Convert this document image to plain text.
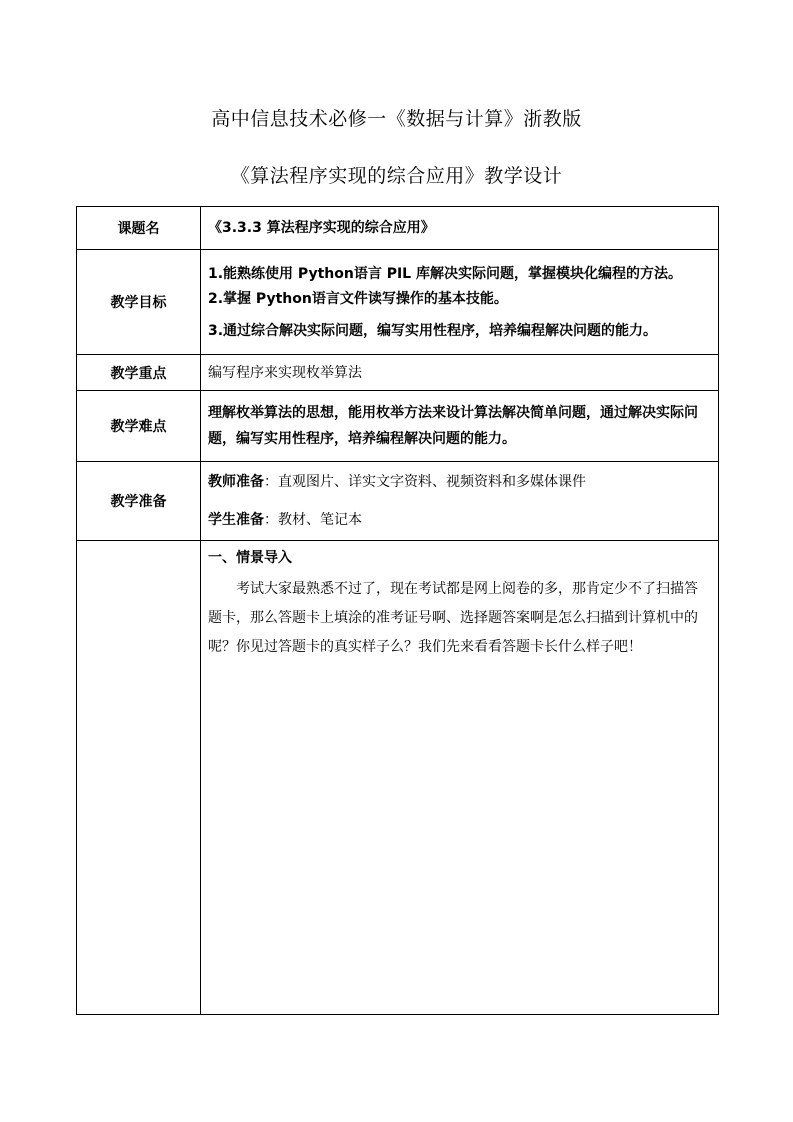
高中信息技术必修一《数据与计算》浙教版
《算法程序实现的综合应用》教学设计
课题名	《3.3.3 算法程序实现的综合应用》
教学目标	1.能熟练使用 Python语言 PIL 库解决实际问题，掌握模块化编程的方法。
2.掌握 Python语言文件读写操作的基本技能。
3.通过综合解决实际问题，编写实用性程序，培养编程解决问题的能力。

教学重点	编写程序来实现枚举算法
教学难点	理解枚举算法的思想，能用枚举方法来设计算法解决简单问题，通过解决实际问题，编写实用性程序，培养编程解决问题的能力。
教学准备	教师准备：直观图片、详实文字资料、视频资料和多媒体课件
学生准备：教材、笔记本

	一、情景导入
考试大家最熟悉不过了，现在考试都是网上阅卷的多，那肯定少不了扫描答题卡，那么答题卡上填涂的准考证号啊、选择题答案啊是怎么扫描到计算机中的呢？你见过答题卡的真实样子么？我们先来看看答题卡长什么样子吧！
